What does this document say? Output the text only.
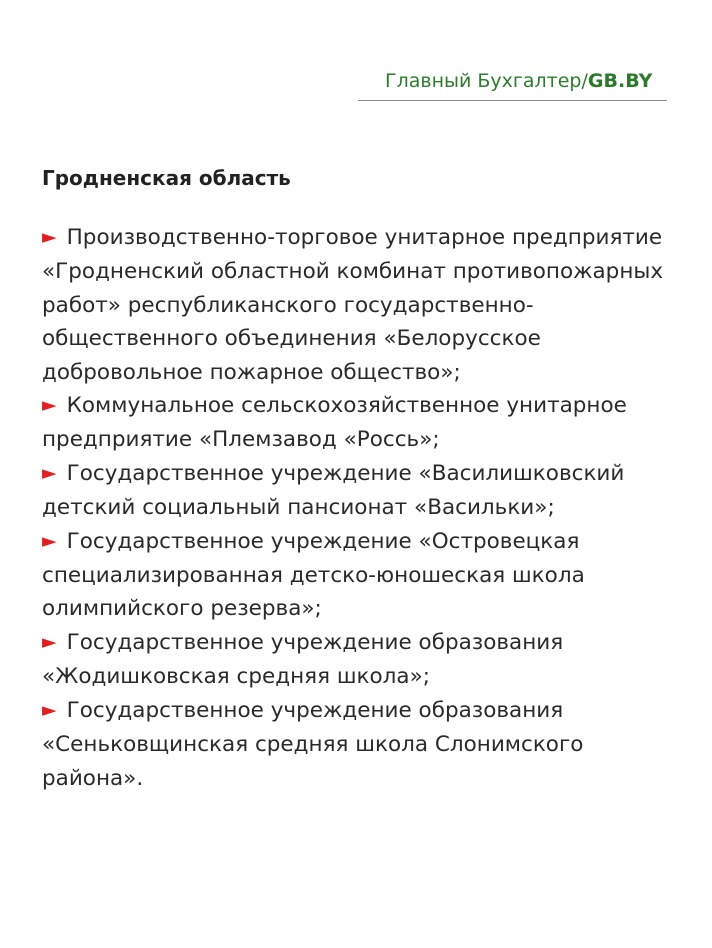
Главный Бухгалтер/GB.BY
Гродненская область
► Производственно-торговое унитарное предприятие
«Гродненский областной комбинат противопожарных
работ» республиканского государственно-
общественного объединения «Белорусское
добровольное пожарное общество»;
► Коммунальное сельскохозяйственное унитарное
предприятие «Племзавод «Россь»;
► Государственное учреждение «Василишковский
детский социальный пансионат «Васильки»;
► Государственное учреждение «Островецкая
специализированная детско-юношеская школа
олимпийского резерва»;
► Государственное учреждение образования
«Жодишковская средняя школа»;
► Государственное учреждение образования
«Сеньковщинская средняя школа Слонимского
района».
